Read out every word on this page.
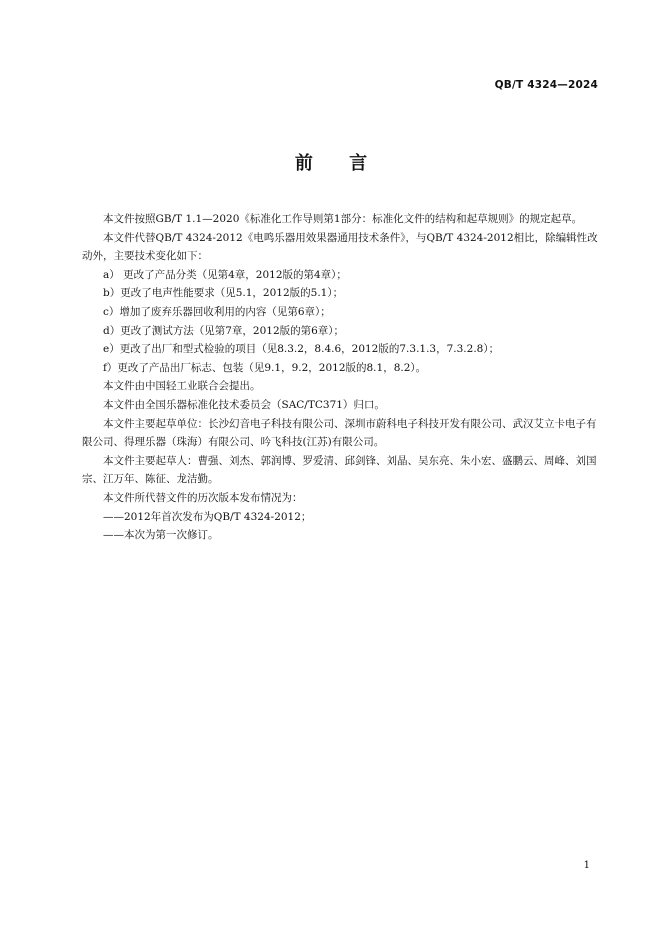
QB/T 4324—2024
前 言

本文件按照GB/T 1.1—2020《标准化工作导则第1部分：标准化文件的结构和起草规则》的规定起草。

本文件代替QB/T 4324-2012《电鸣乐器用效果器通用技术条件》，与QB/T 4324-2012相比，除编辑性改动外，主要技术变化如下：

a） 更改了产品分类（见第4章，2012版的第4章）；

b）更改了电声性能要求（见5.1，2012版的5.1）；

c）增加了废弃乐器回收利用的内容（见第6章）；

d）更改了测试方法（见第7章，2012版的第6章）；

e）更改了出厂和型式检验的项目（见8.3.2，8.4.6，2012版的7.3.1.3，7.3.2.8）；

f）更改了产品出厂标志、包装（见9.1，9.2，2012版的8.1，8.2）。

本文件由中国轻工业联合会提出。

本文件由全国乐器标准化技术委员会（SAC/TC371）归口。

本文件主要起草单位：长沙幻音电子科技有限公司、深圳市蔚科电子科技开发有限公司、武汉艾立卡电子有限公司、得理乐器（珠海）有限公司、吟飞科技(江苏)有限公司。

本文件主要起草人：曹强、刘杰、郭润博、罗爱清、邱剑锋、刘晶、吴东亮、朱小宏、盛鹏云、周峰、刘国宗、江万年、陈征、龙洁勤。

本文件所代替文件的历次版本发布情况为：

——2012年首次发布为QB/T 4324-2012；

——本次为第一次修订。

1
